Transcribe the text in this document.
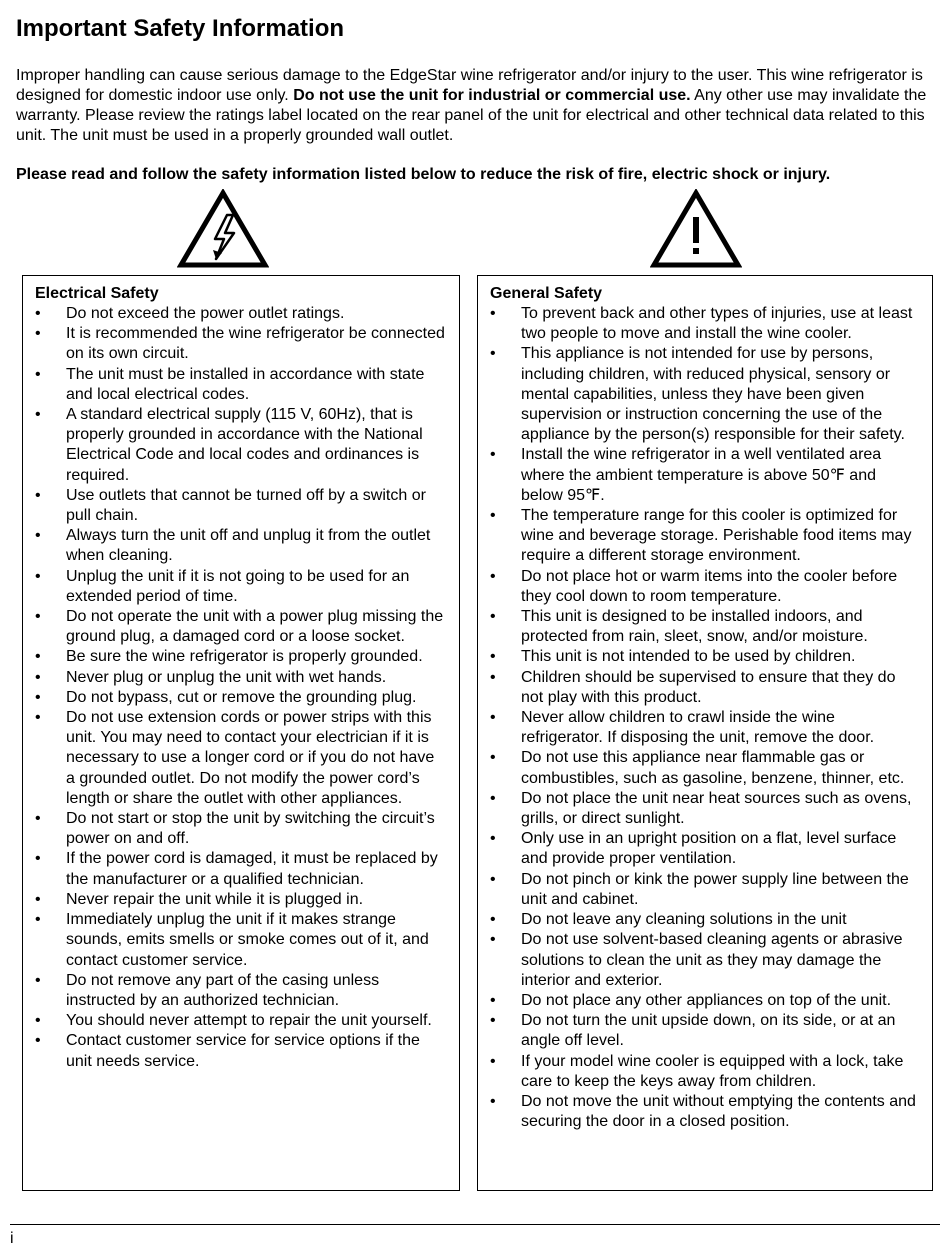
Important Safety Information

Improper handling can cause serious damage to the EdgeStar wine refrigerator and/or injury to the user. This wine refrigerator is designed for domestic indoor use only. Do not use the unit for industrial or commercial use. Any other use may invalidate the warranty. Please review the ratings label located on the rear panel of the unit for electrical and other technical data related to this unit. The unit must be used in a properly grounded wall outlet.

Please read and follow the safety information listed below to reduce the risk of fire, electric shock or injury.

Electrical Safety
• Do not exceed the power outlet ratings.
• It is recommended the wine refrigerator be connected on its own circuit.
• The unit must be installed in accordance with state and local electrical codes.
• A standard electrical supply (115 V, 60Hz), that is properly grounded in accordance with the National Electrical Code and local codes and ordinances is required.
• Use outlets that cannot be turned off by a switch or pull chain.
• Always turn the unit off and unplug it from the outlet when cleaning.
• Unplug the unit if it is not going to be used for an extended period of time.
• Do not operate the unit with a power plug missing the ground plug, a damaged cord or a loose socket.
• Be sure the wine refrigerator is properly grounded.
• Never plug or unplug the unit with wet hands.
• Do not bypass, cut or remove the grounding plug.
• Do not use extension cords or power strips with this unit. You may need to contact your electrician if it is necessary to use a longer cord or if you do not have a grounded outlet. Do not modify the power cord’s length or share the outlet with other appliances.
• Do not start or stop the unit by switching the circuit’s power on and off.
• If the power cord is damaged, it must be replaced by the manufacturer or a qualified technician.
• Never repair the unit while it is plugged in.
• Immediately unplug the unit if it makes strange sounds, emits smells or smoke comes out of it, and contact customer service.
• Do not remove any part of the casing unless instructed by an authorized technician.
• You should never attempt to repair the unit yourself.
• Contact customer service for service options if the unit needs service.
General Safety
• To prevent back and other types of injuries, use at least two people to move and install the wine cooler.
• This appliance is not intended for use by persons, including children, with reduced physical, sensory or mental capabilities, unless they have been given supervision or instruction concerning the use of the appliance by the person(s) responsible for their safety.
• Install the wine refrigerator in a well ventilated area where the ambient temperature is above 50℉ and below 95℉.
• The temperature range for this cooler is optimized for wine and beverage storage. Perishable food items may require a different storage environment.
• Do not place hot or warm items into the cooler before they cool down to room temperature.
• This unit is designed to be installed indoors, and protected from rain, sleet, snow, and/or moisture.
• This unit is not intended to be used by children.
• Children should be supervised to ensure that they do not play with this product.
• Never allow children to crawl inside the wine refrigerator. If disposing the unit, remove the door.
• Do not use this appliance near flammable gas or combustibles, such as gasoline, benzene, thinner, etc.
• Do not place the unit near heat sources such as ovens, grills, or direct sunlight.
• Only use in an upright position on a flat, level surface and provide proper ventilation.
• Do not pinch or kink the power supply line between the unit and cabinet.
• Do not leave any cleaning solutions in the unit
• Do not use solvent-based cleaning agents or abrasive solutions to clean the unit as they may damage the interior and exterior.
• Do not place any other appliances on top of the unit.
• Do not turn the unit upside down, on its side, or at an angle off level.
• If your model wine cooler is equipped with a lock, take care to keep the keys away from children.
• Do not move the unit without emptying the contents and securing the door in a closed position.
i
